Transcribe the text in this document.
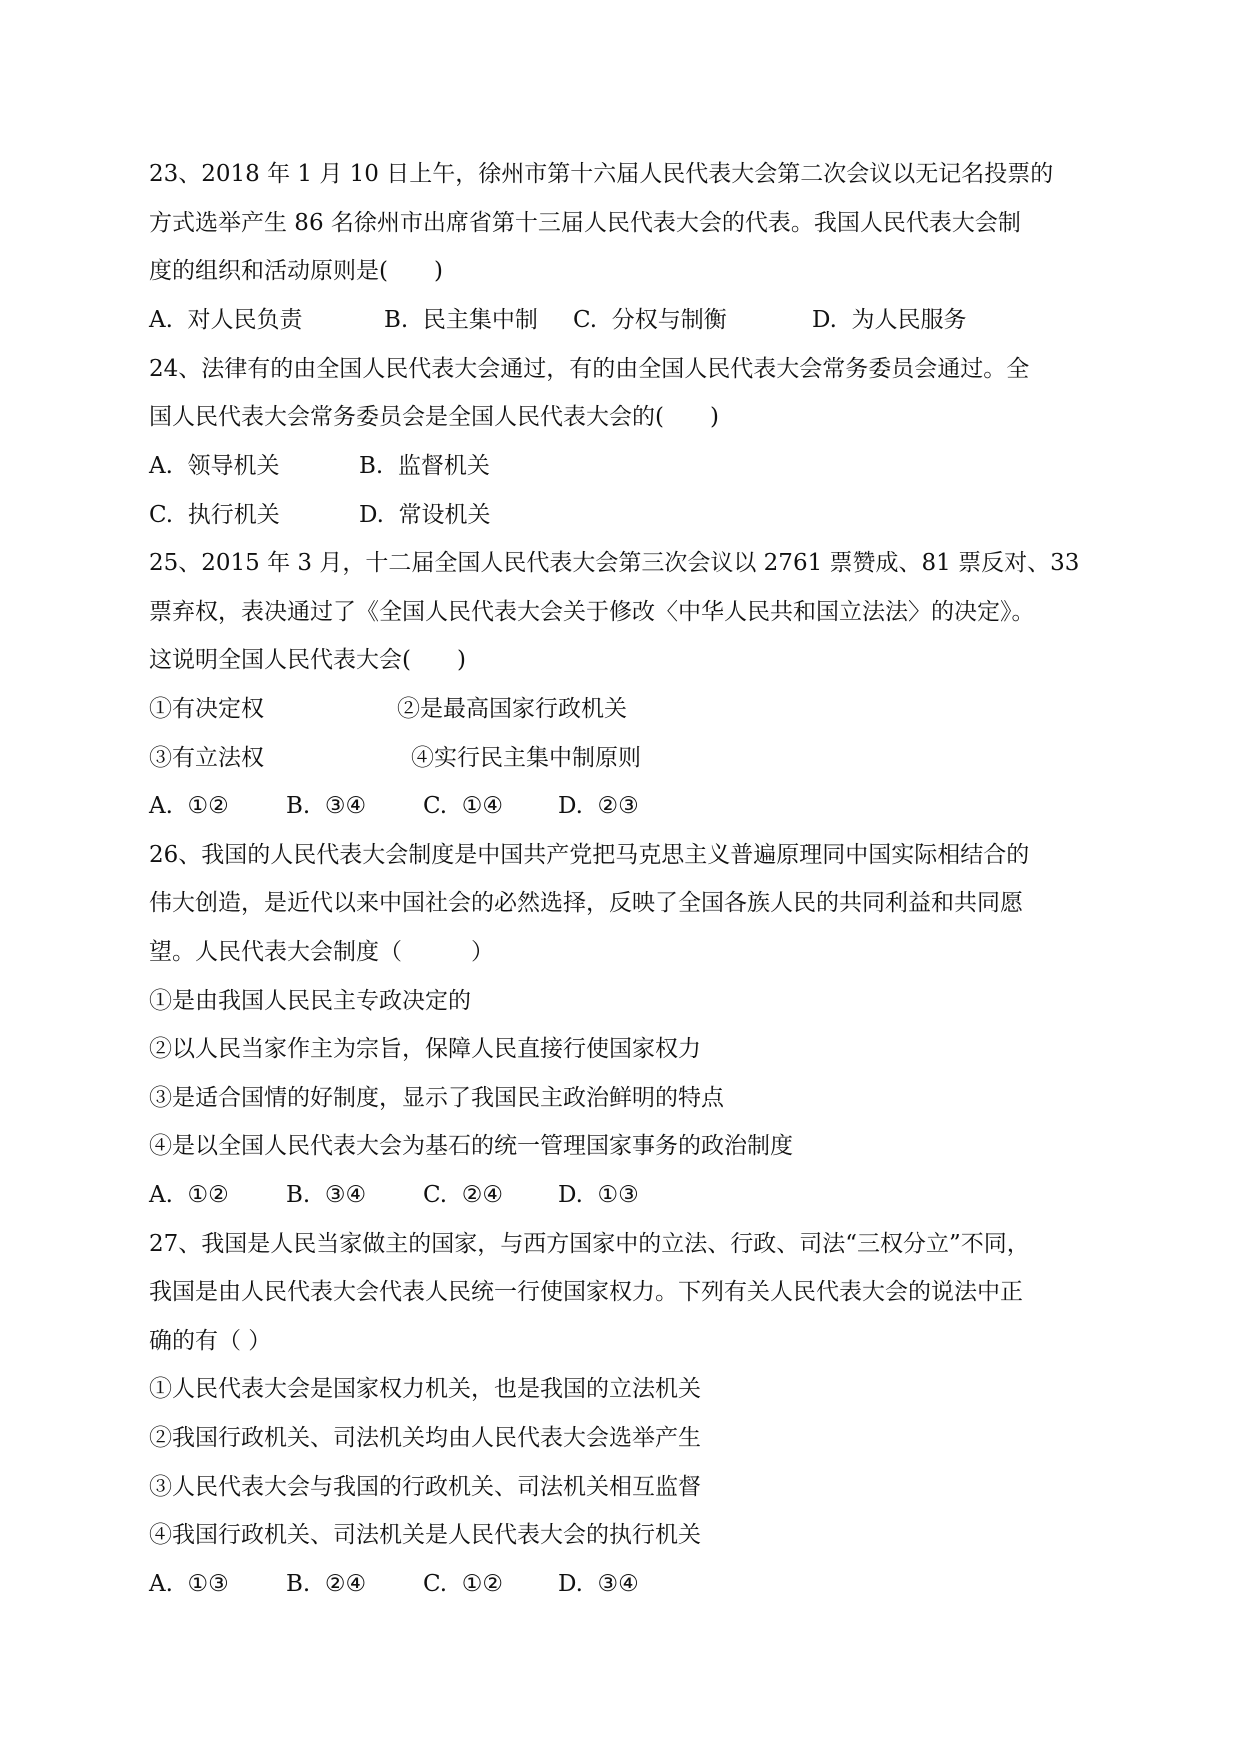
23、2018 年 1 月 10 日上午，徐州市第十六届人民代表大会第二次会议以无记名投票的
方式选举产生 86 名徐州市出席省第十三届人民代表大会的代表。我国人民代表大会制
度的组织和活动原则是(　　)

A.  对人民负责

	B.  民主集中制

C.  分权与制衡

	D.  为人民服务

24、法律有的由全国人民代表大会通过，有的由全国人民代表大会常务委员会通过。全
国人民代表大会常务委员会是全国人民代表大会的(　　)

A.  领导机关

	B.  监督机关

C.  执行机关

	D.  常设机关

25、2015 年 3 月，十二届全国人民代表大会第三次会议以 2761 票赞成、81 票反对、33
票弃权，表决通过了《全国人民代表大会关于修改〈中华人民共和国立法法〉的决定》。
这说明全国人民代表大会(　　)

①有决定权

	②是最高国家行政机关

③有立法权

	④实行民主集中制原则

A.  ①②

B.  ③④

C.  ①④

D.  ②③

26、我国的人民代表大会制度是中国共产党把马克思主义普遍原理同中国实际相结合的
伟大创造，是近代以来中国社会的必然选择，反映了全国各族人民的共同利益和共同愿
望。人民代表大会制度（　　　）
①是由我国人民民主专政决定的
②以人民当家作主为宗旨，保障人民直接行使国家权力
③是适合国情的好制度，显示了我国民主政治鲜明的特点
④是以全国人民代表大会为基石的统一管理国家事务的政治制度

A.  ①②

B.  ③④

C.  ②④

D.  ①③

27、我国是人民当家做主的国家，与西方国家中的立法、行政、司法“三权分立”不同，
我国是由人民代表大会代表人民统一行使国家权力。下列有关人民代表大会的说法中正
确的有（ ）
①人民代表大会是国家权力机关，也是我国的立法机关
②我国行政机关、司法机关均由人民代表大会选举产生
③人民代表大会与我国的行政机关、司法机关相互监督
④我国行政机关、司法机关是人民代表大会的执行机关

A.  ①③

B.  ②④

C.  ①②

D.  ③④
